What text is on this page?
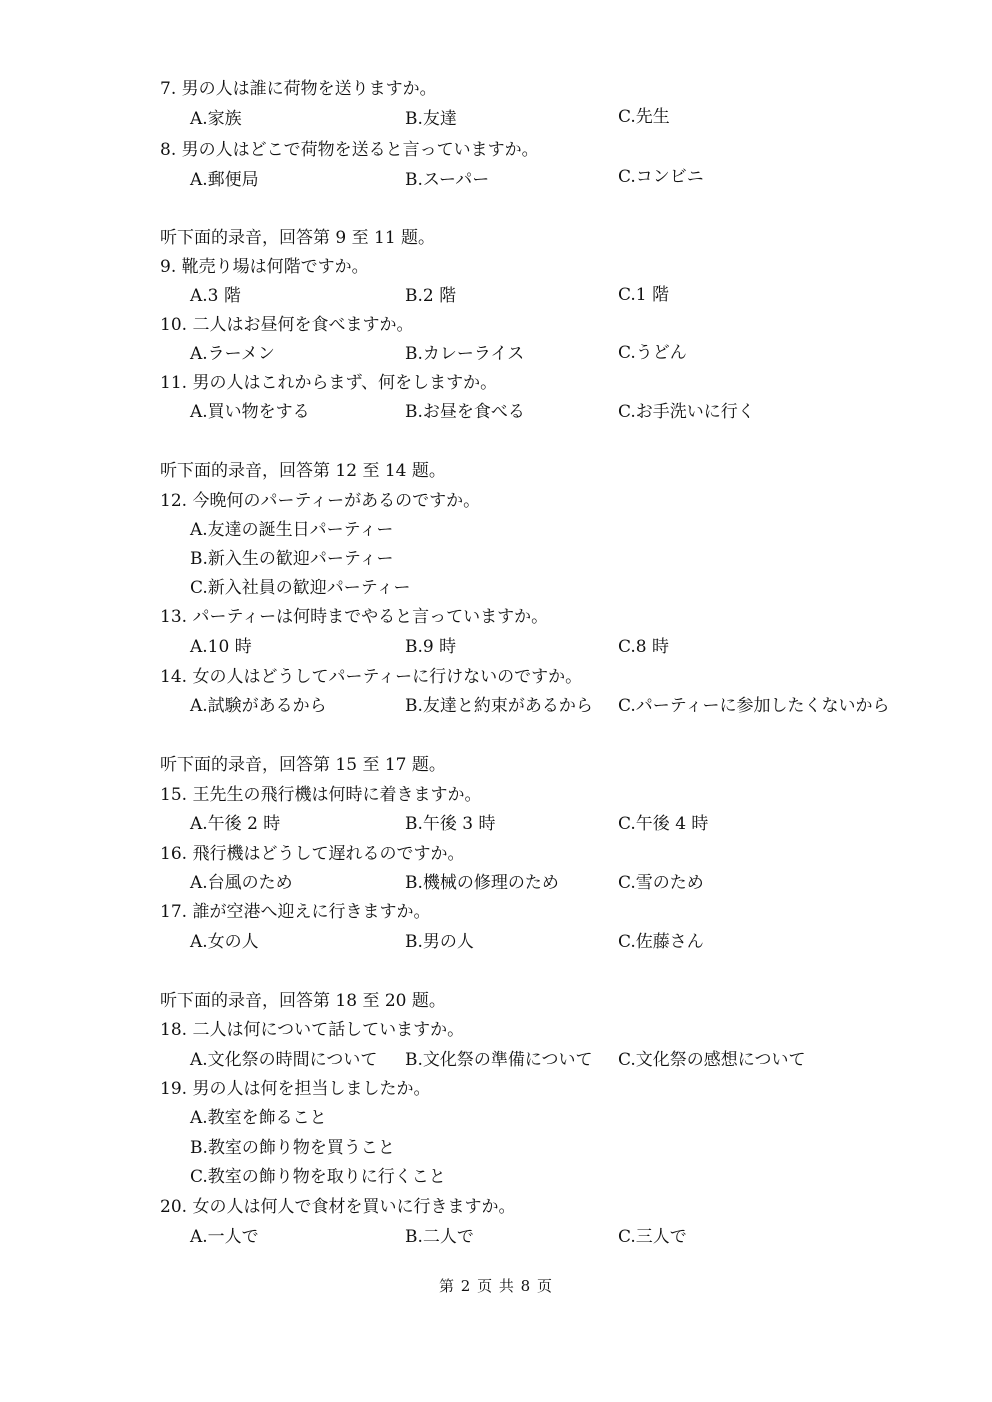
7. 男の人は誰に荷物を送りますか。
A.家族	B.友達	C.先生
8. 男の人はどこで荷物を送ると言っていますか。
A.郵便局	B.スーパー	C.コンビニ
听下面的录音，回答第 9 至 11 题。
9. 靴売り場は何階ですか。
A.3 階	B.2 階	C.1 階
10. 二人はお昼何を食べますか。
A.ラーメン	B.カレーライス	C.うどん
11. 男の人はこれからまず、何をしますか。
A.買い物をする	B.お昼を食べる	C.お手洗いに行く
听下面的录音，回答第 12 至 14 题。
12. 今晩何のパーティーがあるのですか。
A.友達の誕生日パーティー
B.新入生の歓迎パーティー
C.新入社員の歓迎パーティー
13. パーティーは何時までやると言っていますか。
A.10 時	B.9 時	C.8 時
14. 女の人はどうしてパーティーに行けないのですか。
A.試験があるから	B.友達と約束があるから C.パーティーに参加したくないから
听下面的录音，回答第 15 至 17 题。
15. 王先生の飛行機は何時に着きますか。
A.午後 2 時	B.午後 3 時	C.午後 4 時
16. 飛行機はどうして遅れるのですか。
A.台風のため	B.機械の修理のため	C.雪のため
17. 誰が空港へ迎えに行きますか。
A.女の人	B.男の人	C.佐藤さん
听下面的录音，回答第 18 至 20 题。
18. 二人は何について話していますか。
A.文化祭の時間について B.文化祭の準備について C.文化祭の感想について
19. 男の人は何を担当しましたか。
A.教室を飾ること
B.教室の飾り物を買うこと
C.教室の飾り物を取りに行くこと
20. 女の人は何人で食材を買いに行きますか。
A.一人で	B.二人で	C.三人で
第 2 页 共 8 页
